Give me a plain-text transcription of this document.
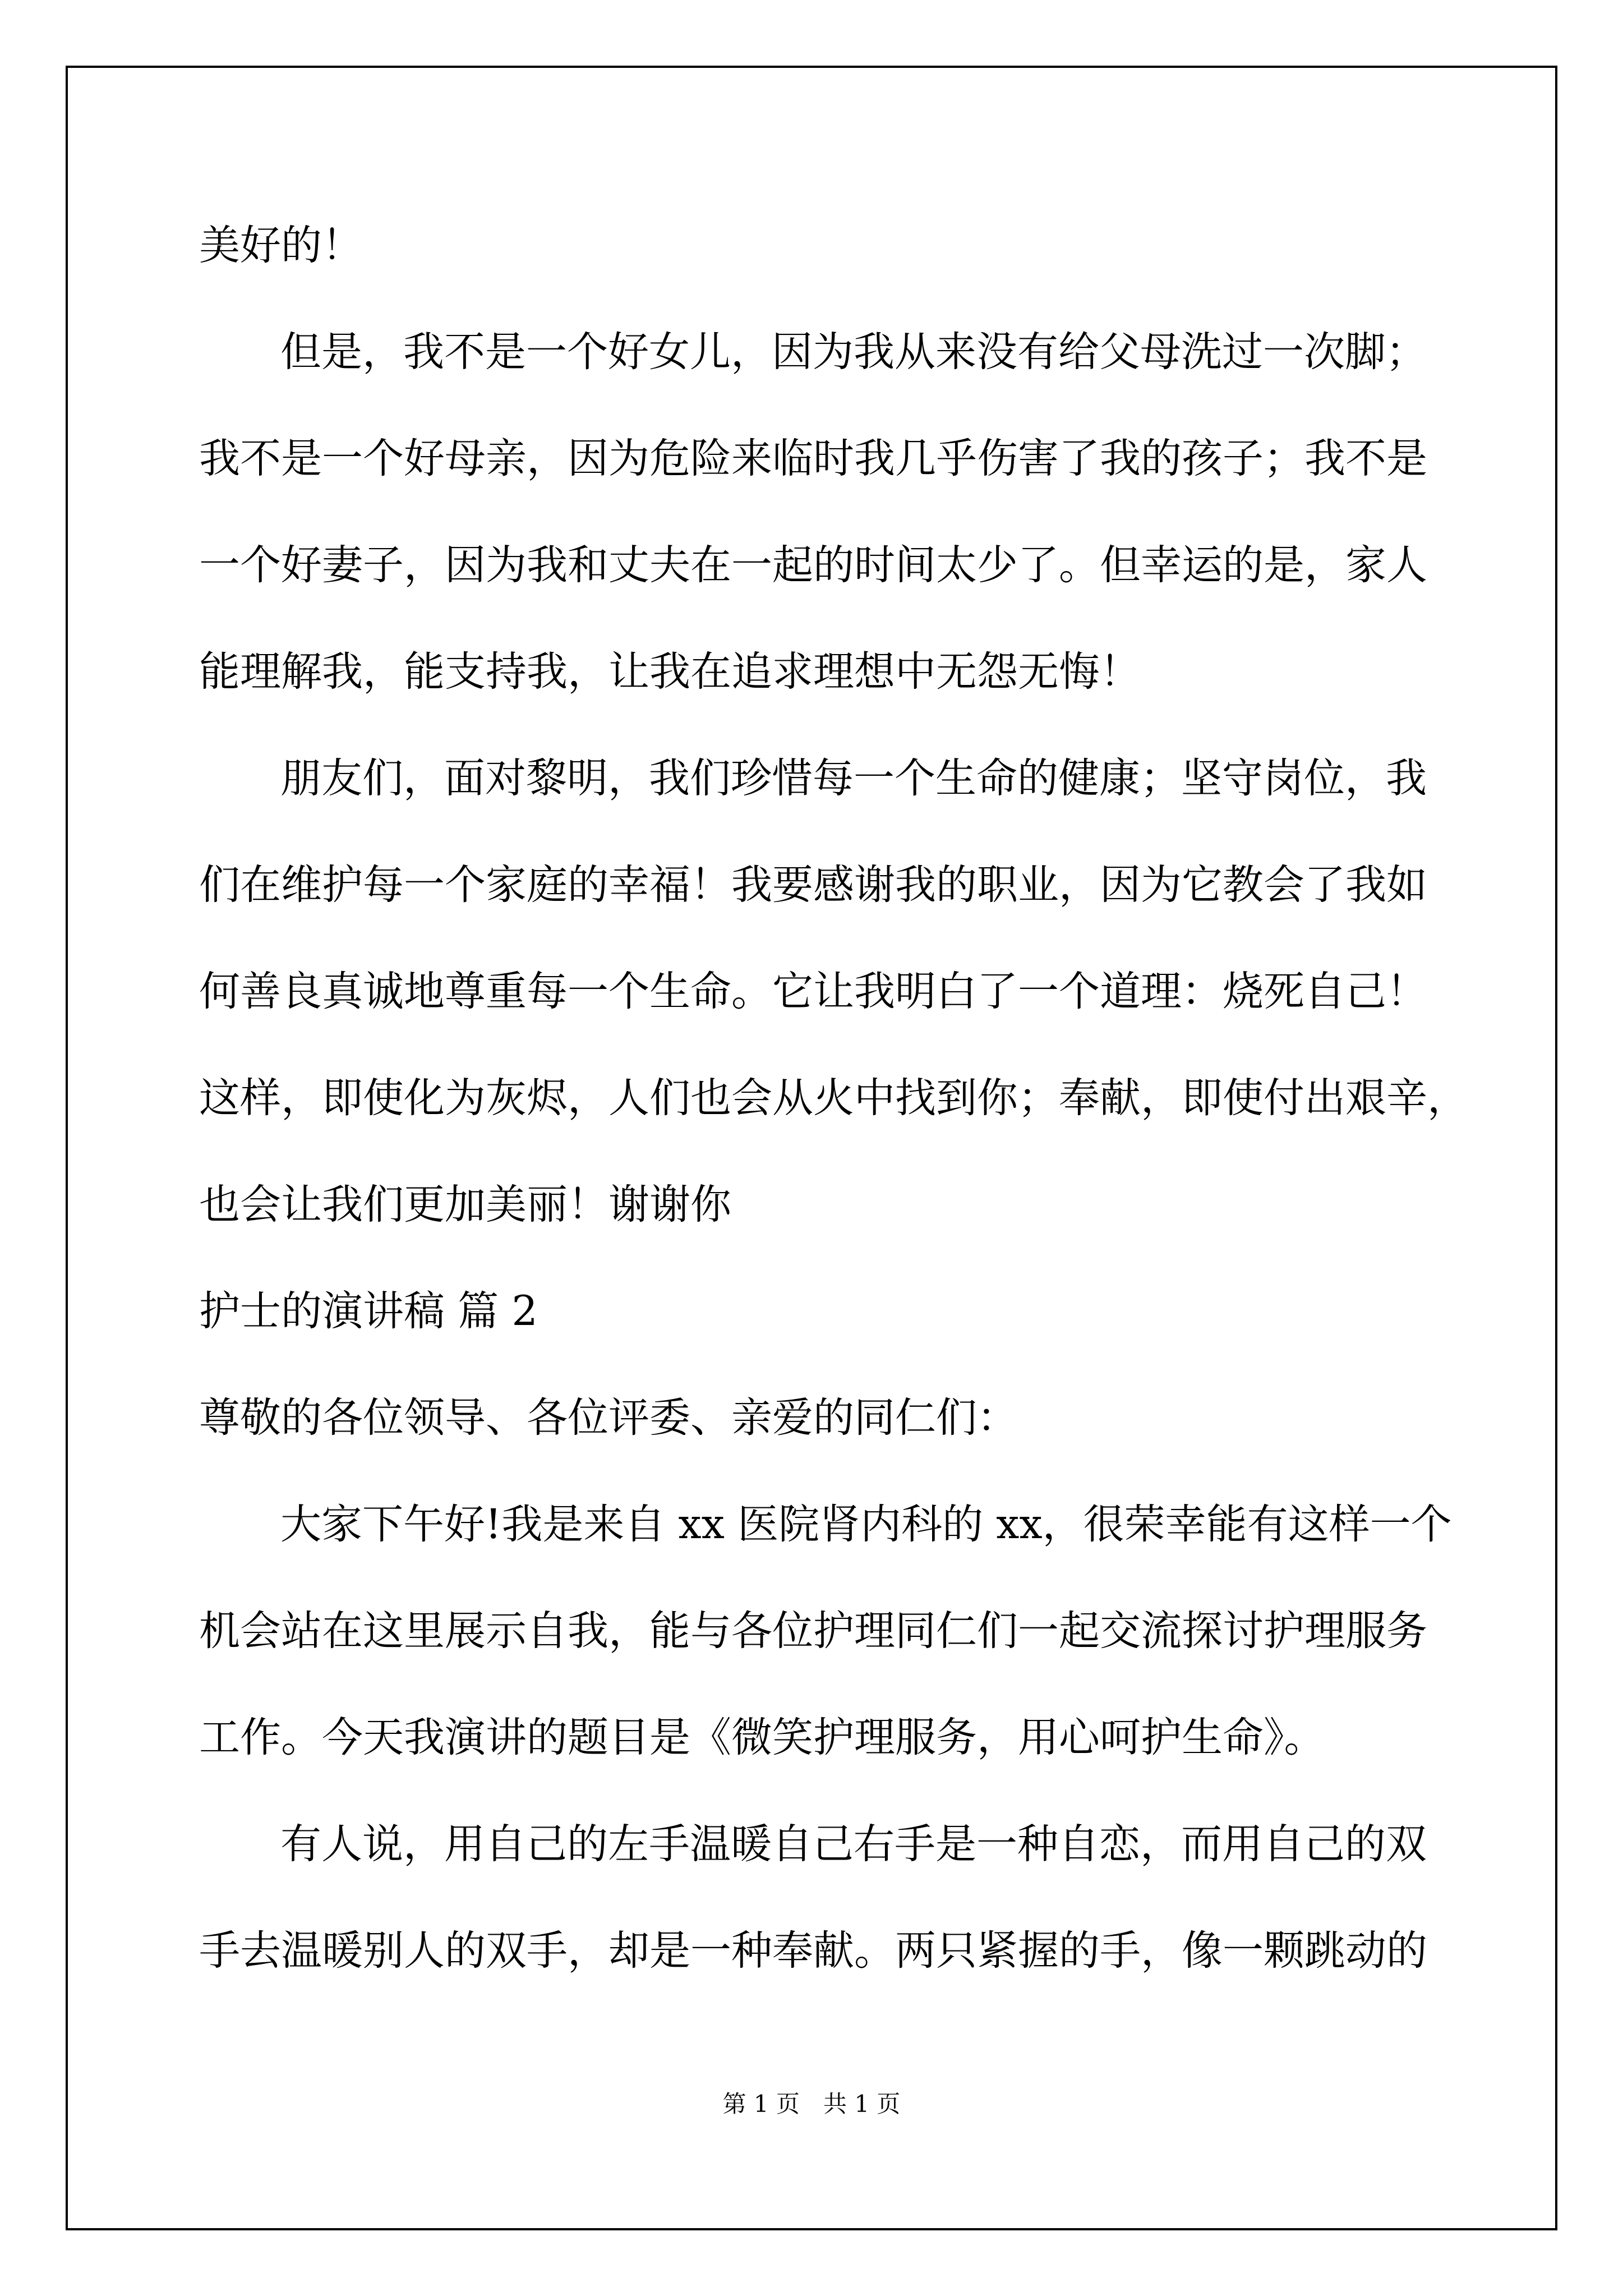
美好的！
但是，我不是一个好女儿，因为我从来没有给父母洗过一次脚；
我不是一个好母亲，因为危险来临时我几乎伤害了我的孩子；我不是
一个好妻子，因为我和丈夫在一起的时间太少了。但幸运的是，家人
能理解我，能支持我，让我在追求理想中无怨无悔！
朋友们，面对黎明，我们珍惜每一个生命的健康；坚守岗位，我
们在维护每一个家庭的幸福！我要感谢我的职业，因为它教会了我如
何善良真诚地尊重每一个生命。它让我明白了一个道理：烧死自己！
这样，即使化为灰烬，人们也会从火中找到你；奉献，即使付出艰辛，
也会让我们更加美丽！谢谢你
护士的演讲稿 篇 2
尊敬的各位领导、各位评委、亲爱的同仁们：
大家下午好!我是来自 xx 医院肾内科的 xx，很荣幸能有这样一个
机会站在这里展示自我，能与各位护理同仁们一起交流探讨护理服务
工作。今天我演讲的题目是《微笑护理服务，用心呵护生命》。
有人说，用自己的左手温暖自己右手是一种自恋，而用自己的双
手去温暖别人的双手，却是一种奉献。两只紧握的手，像一颗跳动的
第 1 页　共 1 页
